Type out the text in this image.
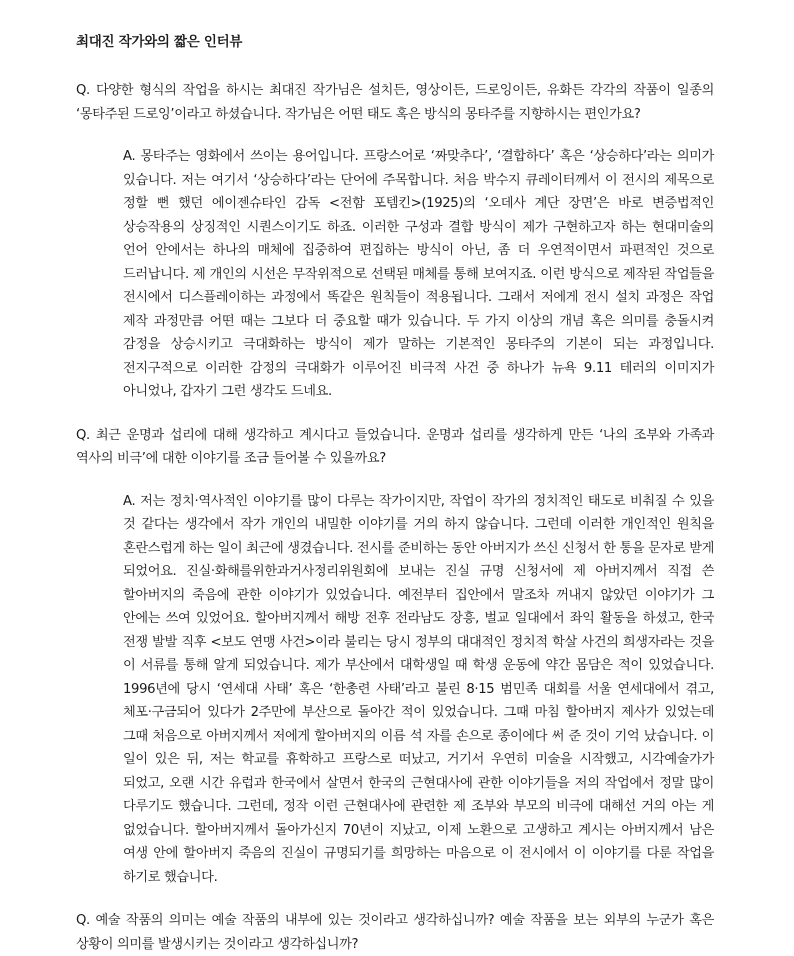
최대진 작가와의 짧은 인터뷰

Q. 다양한 형식의 작업을 하시는 최대진 작가님은 설치든, 영상이든, 드로잉이든, 유화든 각각의 작품이 일종의 ‘몽타주된 드로잉’이라고 하셨습니다. 작가님은 어떤 태도 혹은 방식의 몽타주를 지향하시는 편인가요?

A. 몽타주는 영화에서 쓰이는 용어입니다. 프랑스어로 ‘짜맞추다’, ‘결합하다’ 혹은 ‘상승하다’라는 의미가 있습니다. 저는 여기서 ‘상승하다’라는 단어에 주목합니다. 처음 박수지 큐레이터께서 이 전시의 제목으로 정할 뻔 했던 에이젠슈타인 감독 <전함 포템킨>(1925)의 ‘오데사 계단 장면’은 바로 변증법적인 상승작용의 상징적인 시퀀스이기도 하죠. 이러한 구성과 결합 방식이 제가 구현하고자 하는 현대미술의 언어 안에서는 하나의 매체에 집중하여 편집하는 방식이 아닌, 좀 더 우연적이면서 파편적인 것으로 드러납니다. 제 개인의 시선은 무작위적으로 선택된 매체를 통해 보여지죠. 이런 방식으로 제작된 작업들을 전시에서 디스플레이하는 과정에서 똑같은 원칙들이 적용됩니다. 그래서 저에게 전시 설치 과정은 작업 제작 과정만큼 어떤 때는 그보다 더 중요할 때가 있습니다. 두 가지 이상의 개념 혹은 의미를 충돌시켜 감정을 상승시키고 극대화하는 방식이 제가 말하는 기본적인 몽타주의 기본이 되는 과정입니다. 전지구적으로 이러한 감정의 극대화가 이루어진 비극적 사건 중 하나가 뉴욕 9.11 테러의 이미지가 아니었나, 갑자기 그런 생각도 드네요.

Q. 최근 운명과 섭리에 대해 생각하고 계시다고 들었습니다. 운명과 섭리를 생각하게 만든 ‘나의 조부와 가족과 역사의 비극’에 대한 이야기를 조금 들어볼 수 있을까요?

A. 저는 정치·역사적인 이야기를 많이 다루는 작가이지만, 작업이 작가의 정치적인 태도로 비춰질 수 있을 것 같다는 생각에서 작가 개인의 내밀한 이야기를 거의 하지 않습니다. 그런데 이러한 개인적인 원칙을 혼란스럽게 하는 일이 최근에 생겼습니다. 전시를 준비하는 동안 아버지가 쓰신 신청서 한 통을 문자로 받게 되었어요. 진실·화해를위한과거사정리위원회에 보내는 진실 규명 신청서에 제 아버지께서 직접 쓴 할아버지의 죽음에 관한 이야기가 있었습니다. 예전부터 집안에서 말조차 꺼내지 않았던 이야기가 그 안에는 쓰여 있었어요. 할아버지께서 해방 전후 전라남도 장흥, 벌교 일대에서 좌익 활동을 하셨고, 한국 전쟁 발발 직후 <보도 연맹 사건>이라 불리는 당시 정부의 대대적인 정치적 학살 사건의 희생자라는 것을 이 서류를 통해 알게 되었습니다. 제가 부산에서 대학생일 때 학생 운동에 약간 몸담은 적이 있었습니다. 1996년에 당시 ‘연세대 사태’ 혹은 ‘한총련 사태’라고 불린 8·15 범민족 대회를 서울 연세대에서 겪고, 체포·구금되어 있다가 2주만에 부산으로 돌아간 적이 있었습니다. 그때 마침 할아버지 제사가 있었는데 그때 처음으로 아버지께서 저에게 할아버지의 이름 석 자를 손으로 종이에다 써 준 것이 기억 났습니다. 이 일이 있은 뒤, 저는 학교를 휴학하고 프랑스로 떠났고, 거기서 우연히 미술을 시작했고, 시각예술가가 되었고, 오랜 시간 유럽과 한국에서 살면서 한국의 근현대사에 관한 이야기들을 저의 작업에서 정말 많이 다루기도 했습니다. 그런데, 정작 이런 근현대사에 관련한 제 조부와 부모의 비극에 대해선 거의 아는 게 없었습니다. 할아버지께서 돌아가신지 70년이 지났고, 이제 노환으로 고생하고 계시는 아버지께서 남은 여생 안에 할아버지 죽음의 진실이 규명되기를 희망하는 마음으로 이 전시에서 이 이야기를 다룬 작업을 하기로 했습니다.

Q. 예술 작품의 의미는 예술 작품의 내부에 있는 것이라고 생각하십니까? 예술 작품을 보는 외부의 누군가 혹은 상황이 의미를 발생시키는 것이라고 생각하십니까?
